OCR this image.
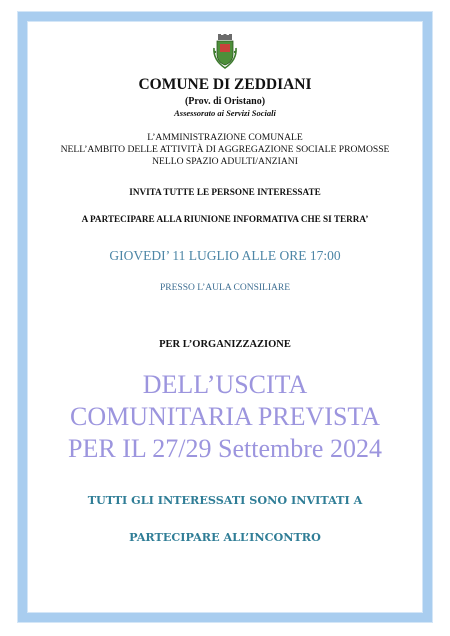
COMUNE DI ZEDDIANI
(Prov. di Oristano)
Assessorato ai Servizi Sociali
L’AMMINISTRAZIONE COMUNALE
NELL’AMBITO DELLE ATTIVITÀ DI AGGREGAZIONE SOCIALE PROMOSSE
NELLO SPAZIO ADULTI/ANZIANI
INVITA TUTTE LE PERSONE INTERESSATE
A PARTECIPARE ALLA RIUNIONE INFORMATIVA CHE SI TERRA’
GIOVEDI’ 11 LUGLIO ALLE ORE 17:00
PRESSO L’AULA CONSILIARE
PER L’ORGANIZZAZIONE
DELL’USCITA
COMUNITARIA PREVISTA
PER IL 27/29 Settembre 2024
TUTTI GLI INTERESSATI SONO INVITATI A
PARTECIPARE ALL’INCONTRO
